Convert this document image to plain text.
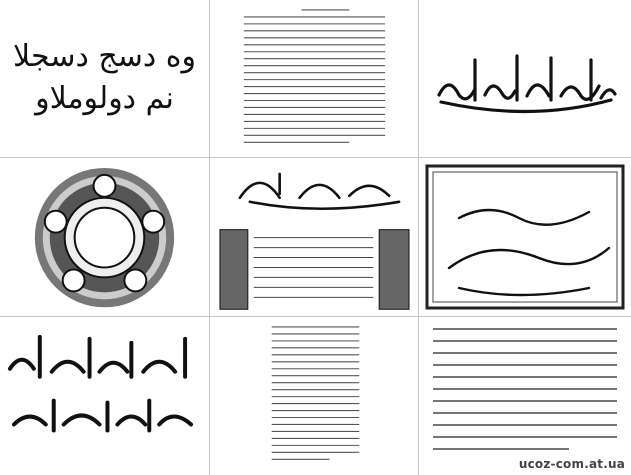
وه دسج دسجلا
نم دولوملاو
ucoz-com.at.ua
